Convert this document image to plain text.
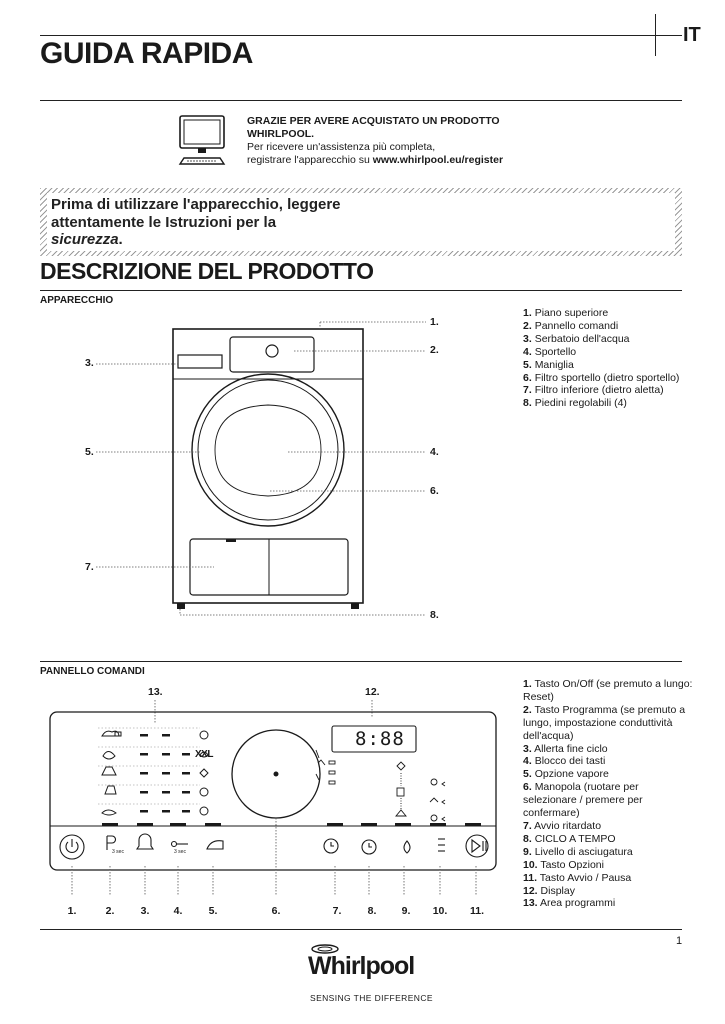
IT
GUIDA RAPIDA
GRAZIE PER AVERE ACQUISTATO UN PRODOTTO
WHIRLPOOL.
Per ricevere un'assistenza più completa,
registrare l'apparecchio su www.whirlpool.eu/register
Prima di utilizzare l'apparecchio, leggere
attentamente le Istruzioni per la
sicurezza.
DESCRIZIONE DEL PRODOTTO
APPARECCHIO
1.
2.
3.
5.	4.
6.
7.
8.
1. Piano superiore
2. Pannello comandi
3. Serbatoio dell'acqua
4. Sportello
5. Maniglia
6. Filtro sportello (dietro sportello)
7. Filtro inferiore (dietro aletta)
8. Piedini regolabili (4)
PANNELLO COMANDI
13.	12.
8:88
XXL
3 sec	3 sec
1.	2.	3.	4.	5.	6.	7.	8.	9.	10.	11.
1. Tasto On/Off (se premuto a lungo: Reset)
2. Tasto Programma (se premuto a lungo, impostazione conduttività dell'acqua)
3. Allerta fine ciclo
4. Blocco dei tasti
5. Opzione vapore
6. Manopola (ruotare per selezionare / premere per confermare)
7. Avvio ritardato
8. CICLO A TEMPO
9. Livello di asciugatura
10. Tasto Opzioni
11. Tasto Avvio / Pausa
12. Display
13. Area programmi
1
Whirlpool
SENSING THE DIFFERENCE
